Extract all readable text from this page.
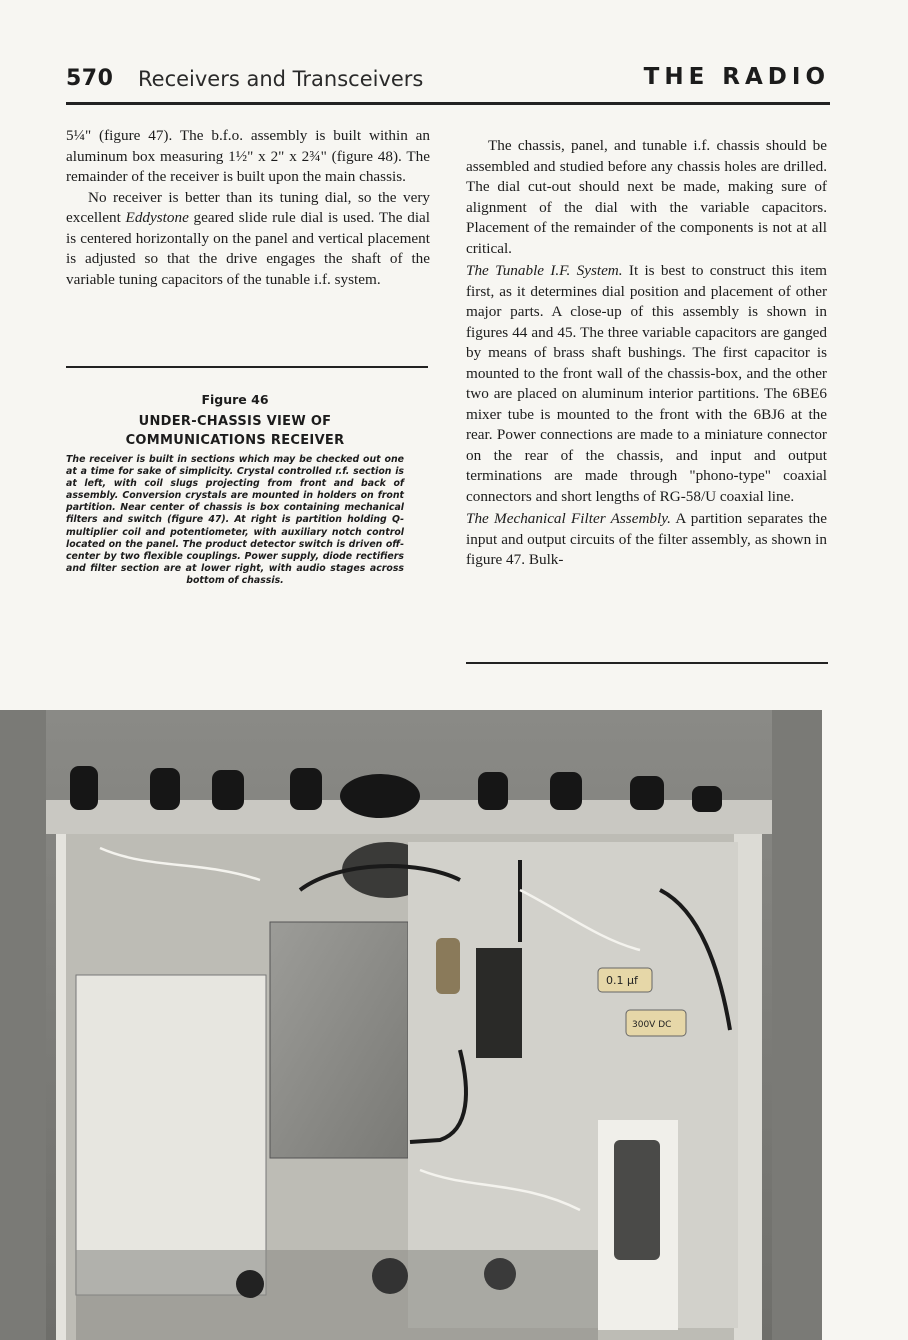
570 Receivers and Transceivers	THE RADIO

5¼" (figure 47). The b.f.o. assembly is built within an aluminum box measuring 1½" x 2" x 2¾" (figure 48). The remainder of the receiver is built upon the main chassis.

No receiver is better than its tuning dial, so the very excellent Eddystone geared slide rule dial is used. The dial is centered horizontally on the panel and vertical placement is adjusted so that the drive engages the shaft of the variable tuning capacitors of the tunable i.f. system.

Figure 46
UNDER-CHASSIS VIEW OF
COMMUNICATIONS RECEIVER
The receiver is built in sections which may be checked out one at a time for sake of simplicity. Crystal controlled r.f. section is at left, with coil slugs projecting from front and back of assembly. Conversion crystals are mounted in holders on front partition. Near center of chassis is box containing mechanical filters and switch (figure 47). At right is partition holding Q-multiplier coil and potentiometer, with auxiliary notch control located on the panel. The product detector switch is driven off-center by two flexible couplings. Power supply, diode rectifiers and filter section are at lower right, with audio stages across bottom of chassis.

The chassis, panel, and tunable i.f. chassis should be assembled and studied before any chassis holes are drilled. The dial cut-out should next be made, making sure of alignment of the dial with the variable capacitors. Placement of the remainder of the components is not at all critical.

The Tunable I.F. System. It is best to construct this item first, as it determines dial position and placement of other major parts. A close-up of this assembly is shown in figures 44 and 45. The three variable capacitors are ganged by means of brass shaft bushings. The first capacitor is mounted to the front wall of the chassis-box, and the other two are placed on aluminum interior partitions. The 6BE6 mixer tube is mounted to the front with the 6BJ6 at the rear. Power connections are made to a miniature connector on the rear of the chassis, and input and output terminations are made through "phono-type" coaxial connectors and short lengths of RG-58/U coaxial line.

The Mechanical Filter Assembly. A partition separates the input and output circuits of the filter assembly, as shown in figure 47. Bulk-

0.1 μf
300V DC
